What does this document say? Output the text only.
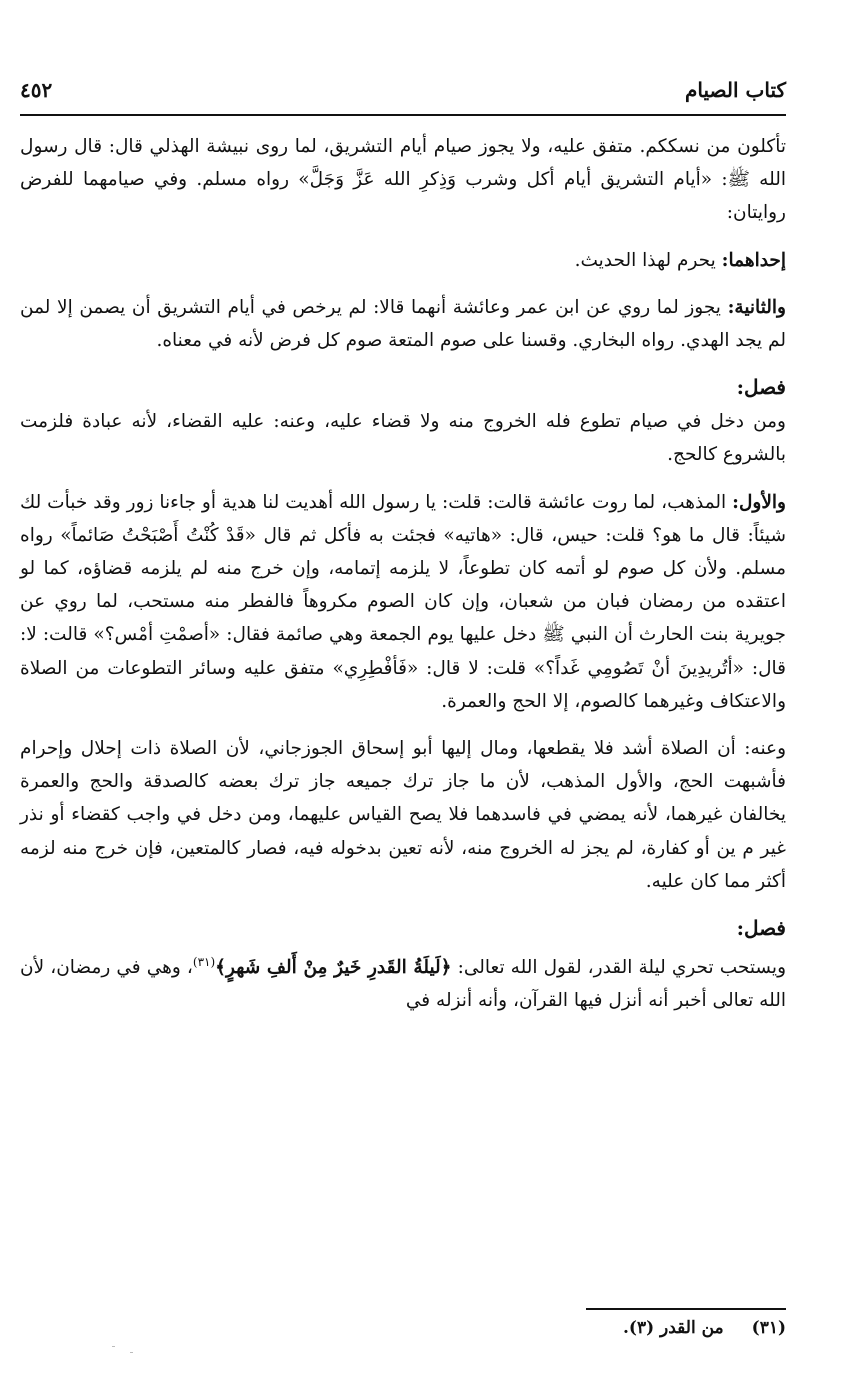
كتاب الصيام
٤٥٢

تأكلون من نسككم. متفق عليه، ولا يجوز صيام أيام التشريق، لما روى نبيشة الهذلي قال: قال رسول الله ﷺ: «أيام التشريق أيام أكل وشرب وَذِكرِ الله عَزَّ وَجَلَّ» رواه مسلم. وفي صيامهما للفرض روايتان:

إحداهما: يحرم لهذا الحديث.

والثانية: يجوز لما روي عن ابن عمر وعائشة أنهما قالا: لم يرخص في أيام التشريق أن يصمن إلا لمن لم يجد الهدي. رواه البخاري. وقسنا على صوم المتعة صوم كل فرض لأنه في معناه.

فصل:

ومن دخل في صيام تطوع فله الخروج منه ولا قضاء عليه، وعنه: عليه القضاء، لأنه عبادة فلزمت بالشروع كالحج.

والأول: المذهب، لما روت عائشة قالت: قلت: يا رسول الله أهديت لنا هدية أو جاءنا زور وقد خبأت لك شيئاً: قال ما هو؟ قلت: حيس، قال: «هاتيه» فجئت به فأكل ثم قال «قَدْ كُنْتُ أَصْبَحْتُ صَائماً» رواه مسلم. ولأن كل صوم لو أتمه كان تطوعاً، لا يلزمه إتمامه، وإن خرج منه لم يلزمه قضاؤه، كما لو اعتقده من رمضان فبان من شعبان، وإن كان الصوم مكروهاً فالفطر منه مستحب، لما روي عن جويرية بنت الحارث أن النبي ﷺ دخل عليها يوم الجمعة وهي صائمة فقال: «أصمْتِ أمْس؟» قالت: لا: قال: «أتُريدِينَ أنْ تَصُومِي غَداً؟» قلت: لا قال: «فَأفْطِرِي» متفق عليه وسائر التطوعات من الصلاة والاعتكاف وغيرهما كالصوم، إلا الحج والعمرة.

وعنه: أن الصلاة أشد فلا يقطعها، ومال إليها أبو إسحاق الجوزجاني، لأن الصلاة ذات إحلال وإحرام فأشبهت الحج، والأول المذهب، لأن ما جاز ترك جميعه جاز ترك بعضه كالصدقة والحج والعمرة يخالفان غيرهما، لأنه يمضي في فاسدهما فلا يصح القياس عليهما، ومن دخل في واجب كقضاء أو نذر غير م ين أو كفارة، لم يجز له الخروج منه، لأنه تعين بدخوله فيه، فصار كالمتعين، فإن خرج منه لزمه أكثر مما كان عليه.

فصل:

ويستحب تحري ليلة القدر، لقول الله تعالى: ﴿لَيلَةُ القَدرِ خَيرٌ مِنْ أَلفِ شَهرٍ﴾$^{(٣١)}$، وهي في رمضان، لأن الله تعالى أخبر أنه أنزل فيها القرآن، وأنه أنزله في

(٣١)
من القدر (٣).
